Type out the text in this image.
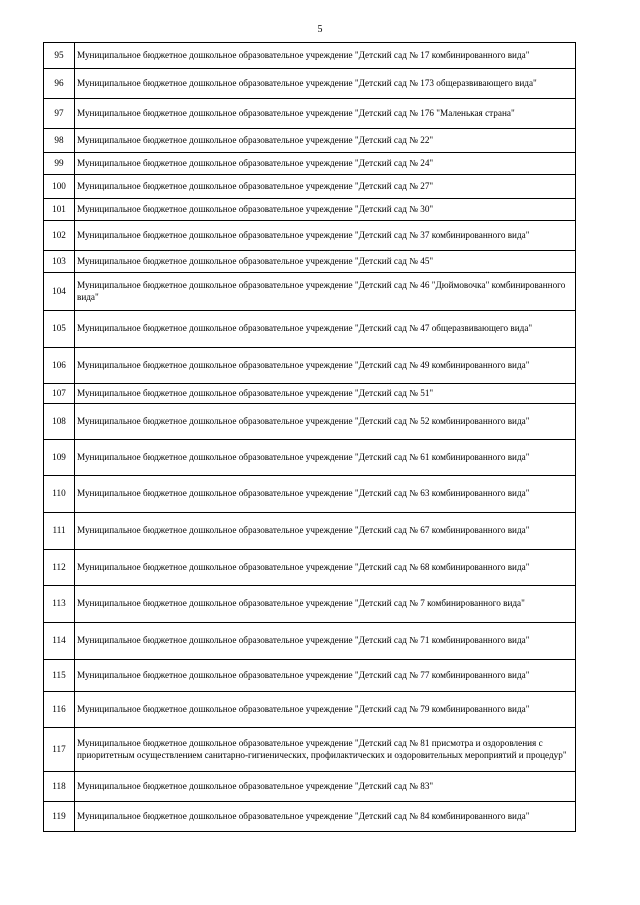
5
95	Муниципальное бюджетное дошкольное образовательное учреждение "Детский сад № 17 комбинированного вида"
96	Муниципальное бюджетное дошкольное образовательное учреждение "Детский сад № 173 общеразвивающего вида"
97	Муниципальное бюджетное дошкольное образовательное учреждение "Детский сад № 176 "Маленькая страна"
98	Муниципальное бюджетное дошкольное образовательное учреждение "Детский сад № 22"
99	Муниципальное бюджетное дошкольное образовательное учреждение "Детский сад № 24"
100	Муниципальное бюджетное дошкольное образовательное учреждение "Детский сад № 27"
101	Муниципальное бюджетное дошкольное образовательное учреждение "Детский сад № 30"
102	Муниципальное бюджетное дошкольное образовательное учреждение "Детский сад № 37 комбинированного вида"
103	Муниципальное бюджетное дошкольное образовательное учреждение "Детский сад № 45"
104	Муниципальное бюджетное дошкольное образовательное учреждение "Детский сад № 46 "Дюймовочка" комбинированного вида"
105	Муниципальное бюджетное дошкольное образовательное учреждение "Детский сад № 47 общеразвивающего вида"
106	Муниципальное бюджетное дошкольное образовательное учреждение "Детский сад № 49 комбинированного вида"
107	Муниципальное бюджетное дошкольное образовательное учреждение "Детский сад № 51"
108	Муниципальное бюджетное дошкольное образовательное учреждение "Детский сад № 52 комбинированного вида"
109	Муниципальное бюджетное дошкольное образовательное учреждение "Детский сад № 61 комбинированного вида"
110	Муниципальное бюджетное дошкольное образовательное учреждение "Детский сад № 63 комбинированного вида"
111	Муниципальное бюджетное дошкольное образовательное учреждение "Детский сад № 67 комбинированного вида"
112	Муниципальное бюджетное дошкольное образовательное учреждение "Детский сад № 68 комбинированного вида"
113	Муниципальное бюджетное дошкольное образовательное учреждение "Детский сад № 7 комбинированного вида"
114	Муниципальное бюджетное дошкольное образовательное учреждение "Детский сад № 71 комбинированного вида"
115	Муниципальное бюджетное дошкольное образовательное учреждение "Детский сад № 77 комбинированного вида"
116	Муниципальное бюджетное дошкольное образовательное учреждение "Детский сад № 79 комбинированного вида"
117	Муниципальное бюджетное дошкольное образовательное учреждение "Детский сад № 81 присмотра и оздоровления с приоритетным осуществлением санитарно-гигиенических, профилактических и оздоровительных мероприятий и процедур"
118	Муниципальное бюджетное дошкольное образовательное учреждение "Детский сад № 83"
119	Муниципальное бюджетное дошкольное образовательное учреждение "Детский сад № 84 комбинированного вида"
